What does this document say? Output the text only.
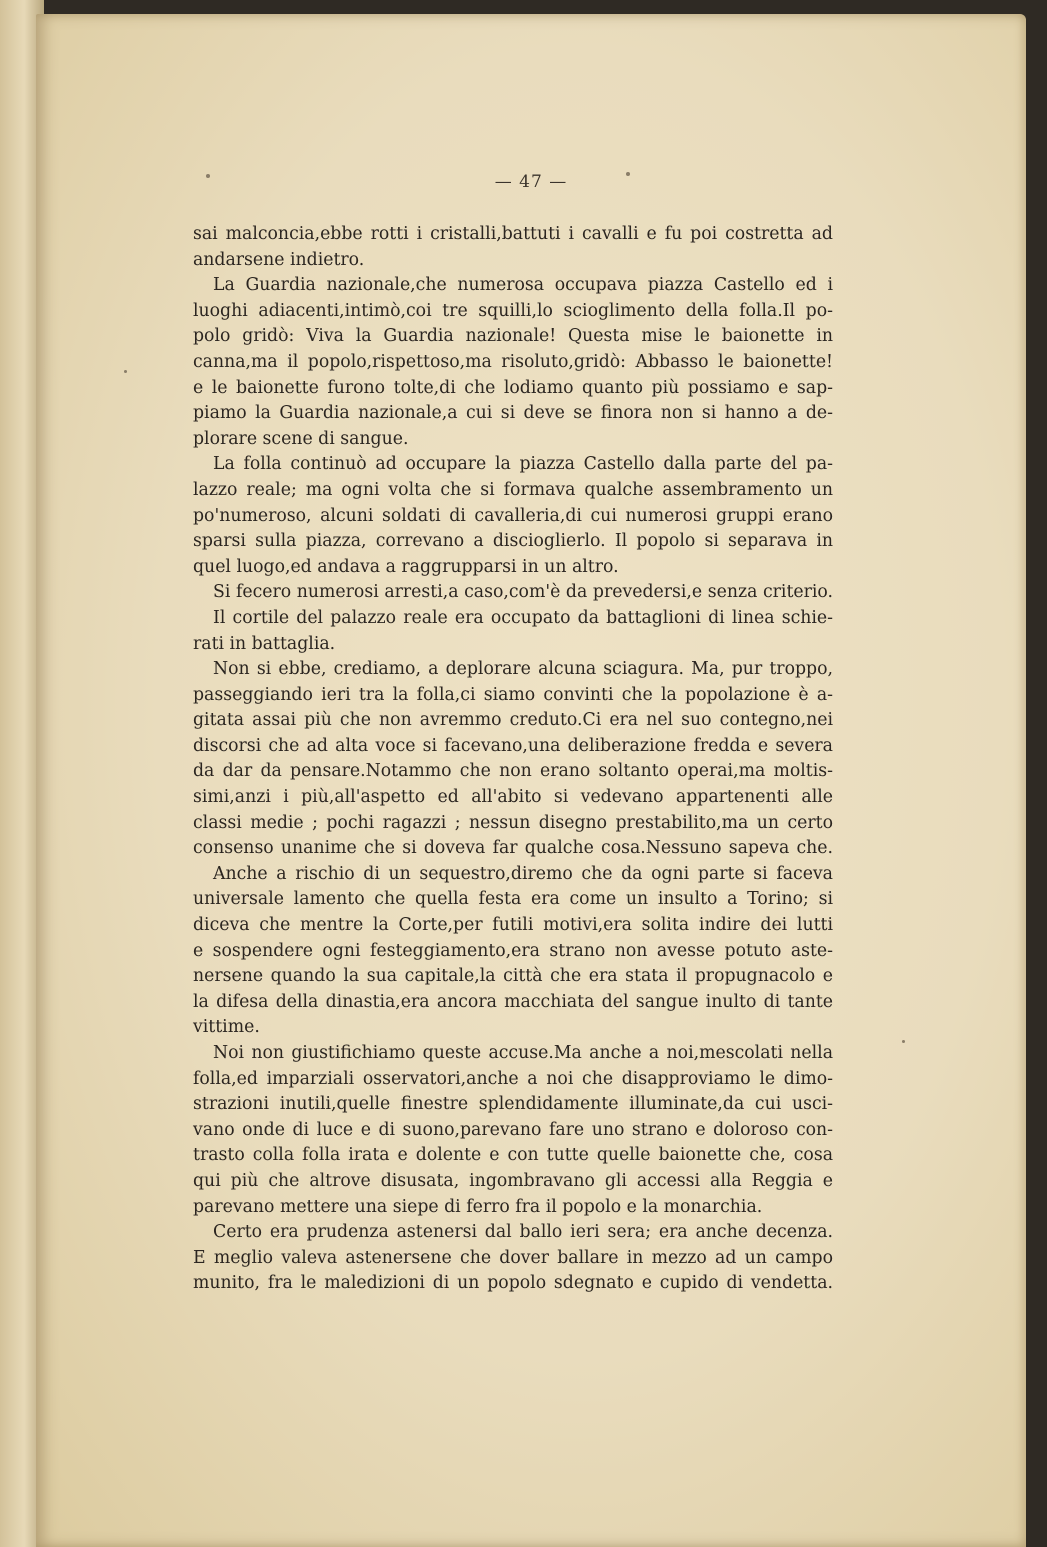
— 47 —

sai malconcia,ebbe rotti i cristalli,battuti i cavalli e fu poi costretta ad

andarsene indietro.

La Guardia nazionale,che numerosa occupava piazza Castello ed i

luoghi adiacenti,intimò,coi tre squilli,lo scioglimento della folla.Il po-

polo gridò: Viva la Guardia nazionale! Questa mise le baionette in

canna,ma il popolo,rispettoso,ma risoluto,gridò: Abbasso le baionette!

e le baionette furono tolte,di che lodiamo quanto più possiamo e sap-

piamo la Guardia nazionale,a cui si deve se finora non si hanno a de-

plorare scene di sangue.

La folla continuò ad occupare la piazza Castello dalla parte del pa-

lazzo reale; ma ogni volta che si formava qualche assembramento un

po'numeroso, alcuni soldati di cavalleria,di cui numerosi gruppi erano

sparsi sulla piazza, correvano a discioglierlo. Il popolo si separava in

quel luogo,ed andava a raggrupparsi in un altro.

Si fecero numerosi arresti,a caso,com'è da prevedersi,e senza criterio.

Il cortile del palazzo reale era occupato da battaglioni di linea schie-

rati in battaglia.

Non si ebbe, crediamo, a deplorare alcuna sciagura. Ma, pur troppo,

passeggiando ieri tra la folla,ci siamo convinti che la popolazione è a-

gitata assai più che non avremmo creduto.Ci era nel suo contegno,nei

discorsi che ad alta voce si facevano,una deliberazione fredda e severa

da dar da pensare.Notammo che non erano soltanto operai,ma moltis-

simi,anzi i più,all'aspetto ed all'abito si vedevano appartenenti alle

classi medie ; pochi ragazzi ; nessun disegno prestabilito,ma un certo

consenso unanime che si doveva far qualche cosa.Nessuno sapeva che.

Anche a rischio di un sequestro,diremo che da ogni parte si faceva

universale lamento che quella festa era come un insulto a Torino; si

diceva che mentre la Corte,per futili motivi,era solita indire dei lutti

e sospendere ogni festeggiamento,era strano non avesse potuto aste-

nersene quando la sua capitale,la città che era stata il propugnacolo e

la difesa della dinastia,era ancora macchiata del sangue inulto di tante

vittime.

Noi non giustifichiamo queste accuse.Ma anche a noi,mescolati nella

folla,ed imparziali osservatori,anche a noi che disapproviamo le dimo-

strazioni inutili,quelle finestre splendidamente illuminate,da cui usci-

vano onde di luce e di suono,parevano fare uno strano e doloroso con-

trasto colla folla irata e dolente e con tutte quelle baionette che, cosa

qui più che altrove disusata, ingombravano gli accessi alla Reggia e

parevano mettere una siepe di ferro fra il popolo e la monarchia.

Certo era prudenza astenersi dal ballo ieri sera; era anche decenza.

E meglio valeva astenersene che dover ballare in mezzo ad un campo

munito, fra le maledizioni di un popolo sdegnato e cupido di vendetta.
